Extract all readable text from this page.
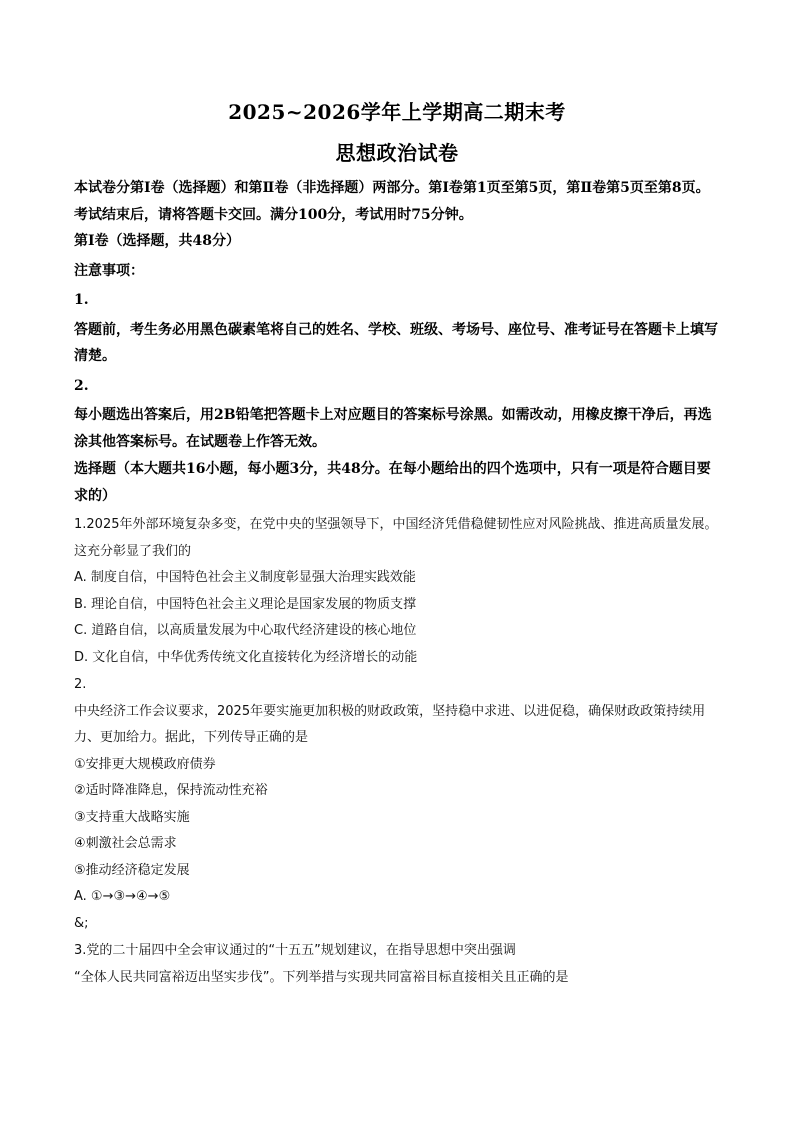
2025~2026学年上学期高二期末考
思想政治试卷

本试卷分第Ⅰ卷（选择题）和第Ⅱ卷（非选择题）两部分。第Ⅰ卷第1页至第5页，第Ⅱ卷第5页至第8页。考试结束后，请将答题卡交回。满分100分，考试用时75分钟。

第Ⅰ卷（选择题，共48分）

注意事项：

1.

答题前，考生务必用黑色碳素笔将自己的姓名、学校、班级、考场号、座位号、准考证号在答题卡上填写清楚。

2.

每小题选出答案后，用2B铅笔把答题卡上对应题目的答案标号涂黑。如需改动，用橡皮擦干净后，再选涂其他答案标号。在试题卷上作答无效。

选择题（本大题共16小题，每小题3分，共48分。在每小题给出的四个选项中，只有一项是符合题目要求的）

1.2025年外部环境复杂多变，在党中央的坚强领导下，中国经济凭借稳健韧性应对风险挑战、推进高质量发展。这充分彰显了我们的

A. 制度自信，中国特色社会主义制度彰显强大治理实践效能

B. 理论自信，中国特色社会主义理论是国家发展的物质支撑

C. 道路自信，以高质量发展为中心取代经济建设的核心地位

D. 文化自信，中华优秀传统文化直接转化为经济增长的动能

2.

中央经济工作会议要求，2025年要实施更加积极的财政政策，坚持稳中求进、以进促稳，确保财政政策持续用力、更加给力。据此，下列传导正确的是

①安排更大规模政府债券

②适时降准降息，保持流动性充裕

③支持重大战略实施

④刺激社会总需求

⑤推动经济稳定发展

A. ①→③→④→⑤

&;

3.党的二十届四中全会审议通过的“十五五”规划建议，在指导思想中突出强调

“全体人民共同富裕迈出坚实步伐”。下列举措与实现共同富裕目标直接相关且正确的是
